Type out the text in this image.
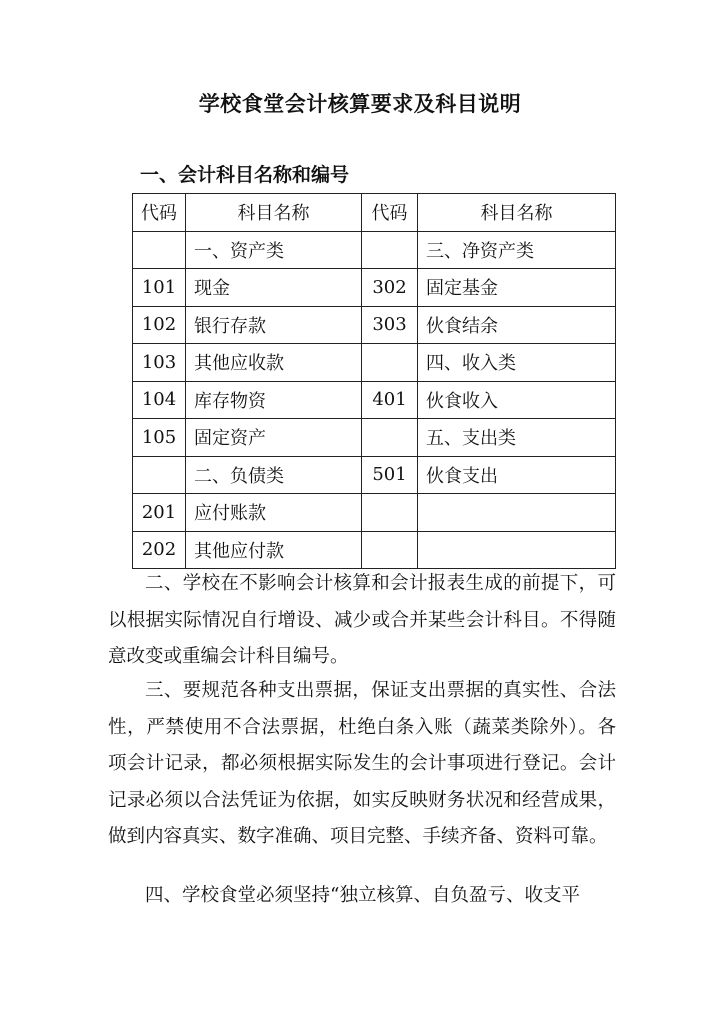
学校食堂会计核算要求及科目说明
一、会计科目名称和编号
代码	科目名称	代码	科目名称
	一、资产类		三、净资产类
101	现金	302	固定基金
102	银行存款	303	伙食结余
103	其他应收款		四、收入类
104	库存物资	401	伙食收入
105	固定资产		五、支出类
	二、负债类	501	伙食支出
201	应付账款		
202	其他应付款		

二、学校在不影响会计核算和会计报表生成的前提下，可以根据实际情况自行增设、减少或合并某些会计科目。不得随意改变或重编会计科目编号。

三、要规范各种支出票据，保证支出票据的真实性、合法性，严禁使用不合法票据，杜绝白条入账（蔬菜类除外）。各项会计记录，都必须根据实际发生的会计事项进行登记。会计记录必须以合法凭证为依据，如实反映财务状况和经营成果，做到内容真实、数字准确、项目完整、手续齐备、资料可靠。

四、学校食堂必须坚持“独立核算、自负盈亏、收支平
